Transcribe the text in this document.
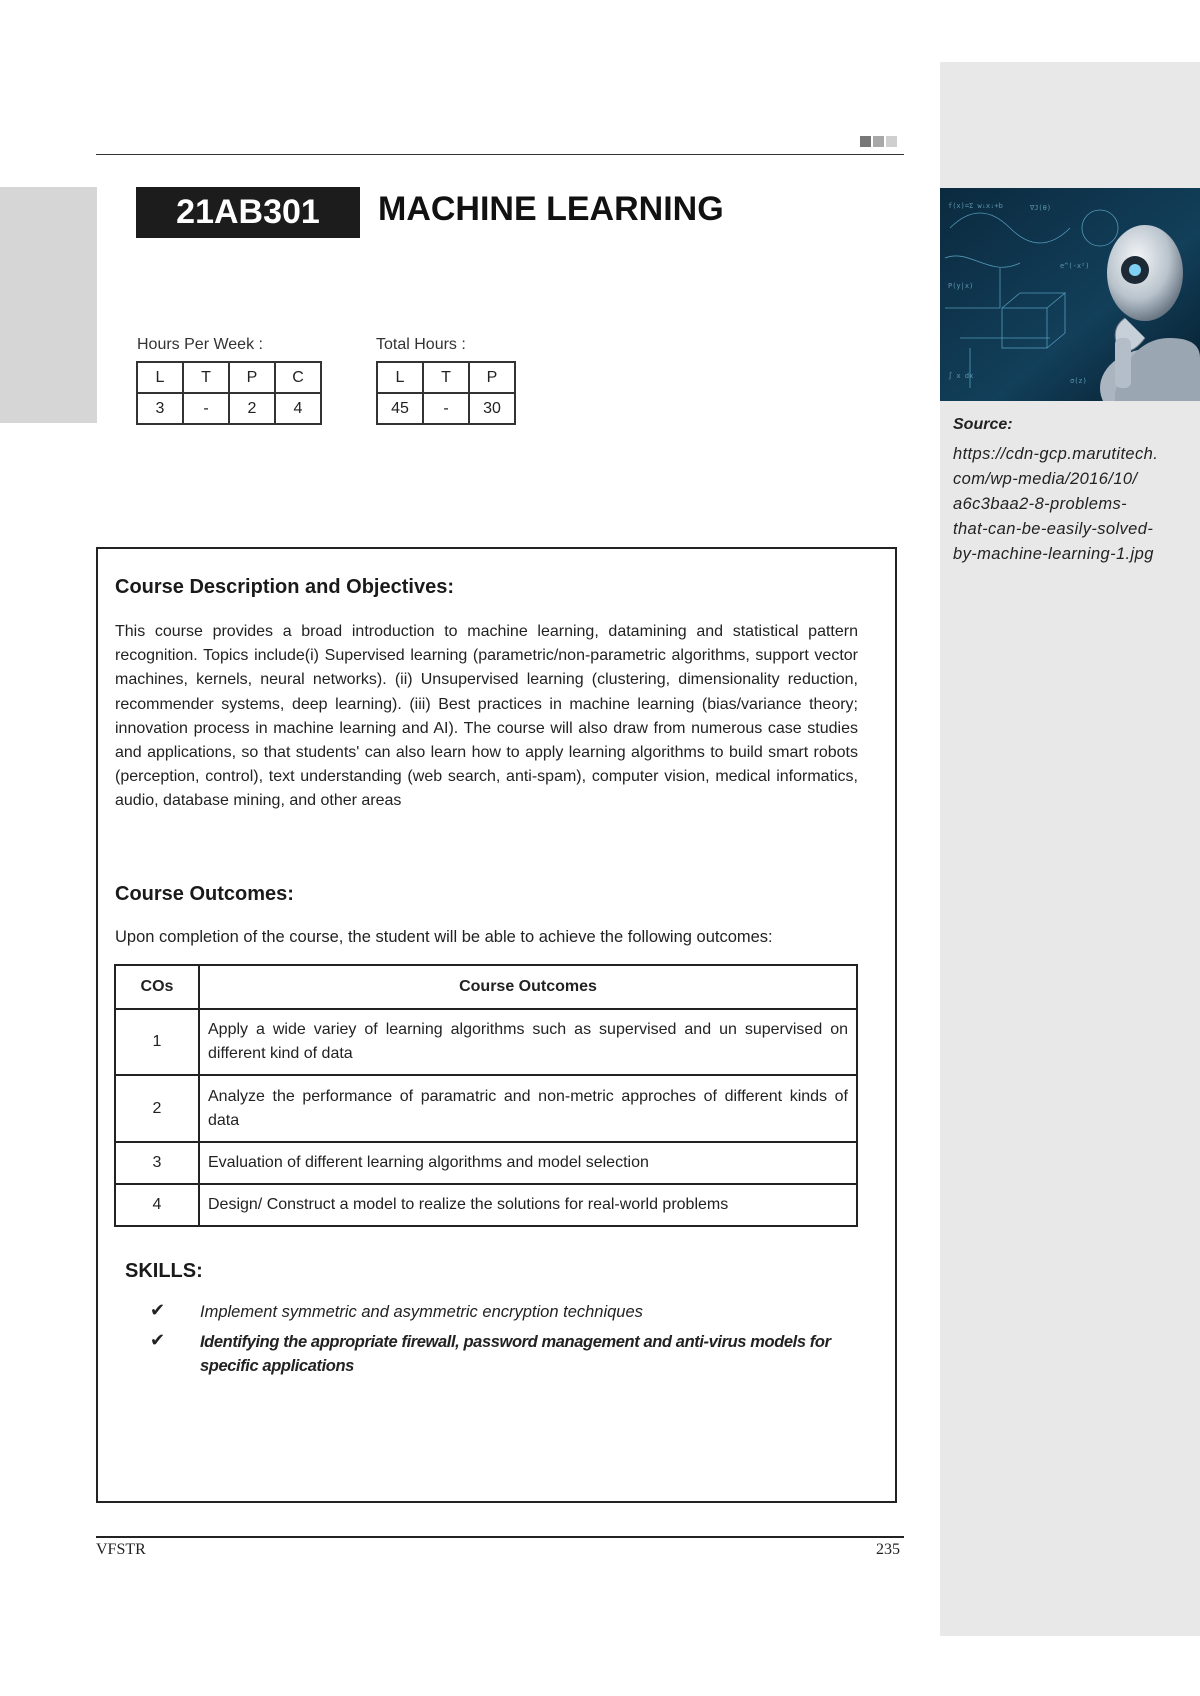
21AB301	MACHINE LEARNING
Hours Per Week :
L	T	P	C
3	-	2	4
Total Hours :
L	T	P
45	-	30
Course Description and Objectives:
This course provides a broad introduction to machine learning, datamining and statistical pattern recognition. Topics include(i) Supervised learning (parametric/non-parametric algorithms, support vector machines, kernels, neural networks). (ii) Unsupervised learning (clustering, dimensionality reduction, recommender systems, deep learning). (iii) Best practices in machine learning (bias/variance theory; innovation process in machine learning and AI). The course will also draw from numerous case studies and applications, so that students' can also learn how to apply learning algorithms to build smart robots (perception, control), text understanding (web search, anti-spam), computer vision, medical informatics, audio, database mining, and other areas
Course Outcomes:
Upon completion of the course, the student will be able to achieve the following outcomes:
COs	Course Outcomes
1	Apply a wide variey of learning algorithms such as supervised and un supervised on different kind of data
2	Analyze the performance of paramatric and non-metric approches of different kinds of data
3	Evaluation of different learning algorithms and model selection
4	Design/ Construct a model to realize the solutions for real-world problems
SKILLS:
✔ Implement symmetric and asymmetric encryption techniques
✔ Identifying the appropriate firewall, password management and anti-virus models for specific applications
VFSTR	235
f(x)=Σ wᵢxᵢ+b	∇J(θ)
P(y|x)
e^(-x²)
∫ x dx
σ(z)
Source:
https://cdn-gcp.marutitech.
com/wp-media/2016/10/
a6c3baa2-8-problems-
that-can-be-easily-solved-
by-machine-learning-1.jpg
